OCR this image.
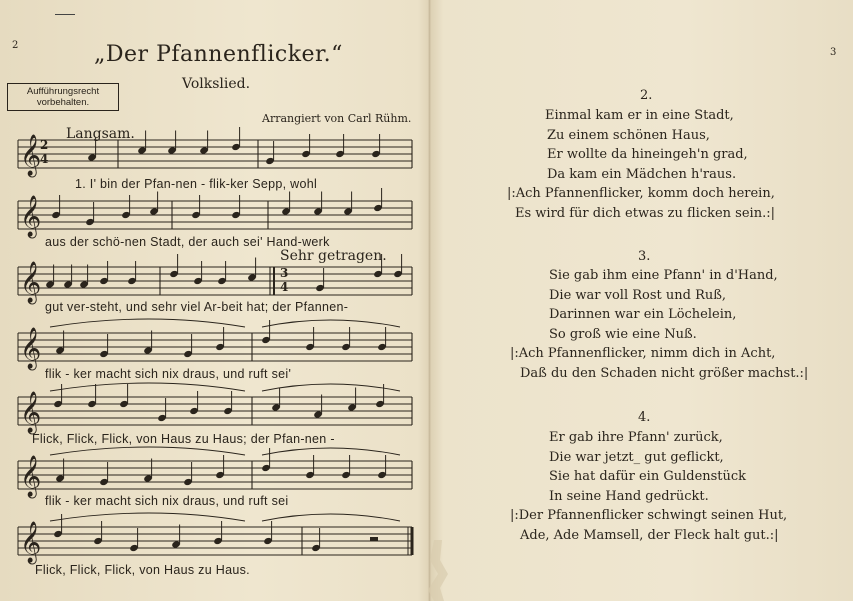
2
3
„Der Pfannenflicker.“
Volkslied.
Aufführungsrecht
vorbehalten.
Arrangiert von Carl Rühm.
Langsam.
Sehr getragen.
𝄞
𝄞
𝄞
𝄞
𝄞
𝄞
𝄞
2
4
3
4
1. I' bin der Pfan-nen - flik-ker Sepp, wohl
aus der schö-nen Stadt, der auch sei' Hand-werk
gut ver-steht, und sehr viel Ar-beit hat; der Pfannen-
flik - ker macht sich nix draus, und ruft sei'
Flick, Flick, Flick, von Haus zu Haus; der Pfan-nen -
flik - ker macht sich nix draus, und ruft sei
Flick, Flick, Flick, von Haus zu Haus.
2.
Einmal kam er in eine Stadt,
Zu einem schönen Haus,
Er wollte da hineingeh'n grad,
Da kam ein Mädchen h'raus.
|:Ach Pfannenflicker, komm doch herein,
Es wird für dich etwas zu flicken sein.:|
3.
Sie gab ihm eine Pfann' in d'Hand,
Die war voll Rost und Ruß,
Darinnen war ein Löchelein,
So groß wie eine Nuß.
|:Ach Pfannenflicker, nimm dich in Acht,
Daß du den Schaden nicht größer machst.:|
4.
Er gab ihre Pfann' zurück,
Die war jetzt_ gut geflickt,
Sie hat dafür ein Guldenstück
In seine Hand gedrückt.
|:Der Pfannenflicker schwingt seinen Hut,
Ade, Ade Mamsell, der Fleck halt gut.:|
